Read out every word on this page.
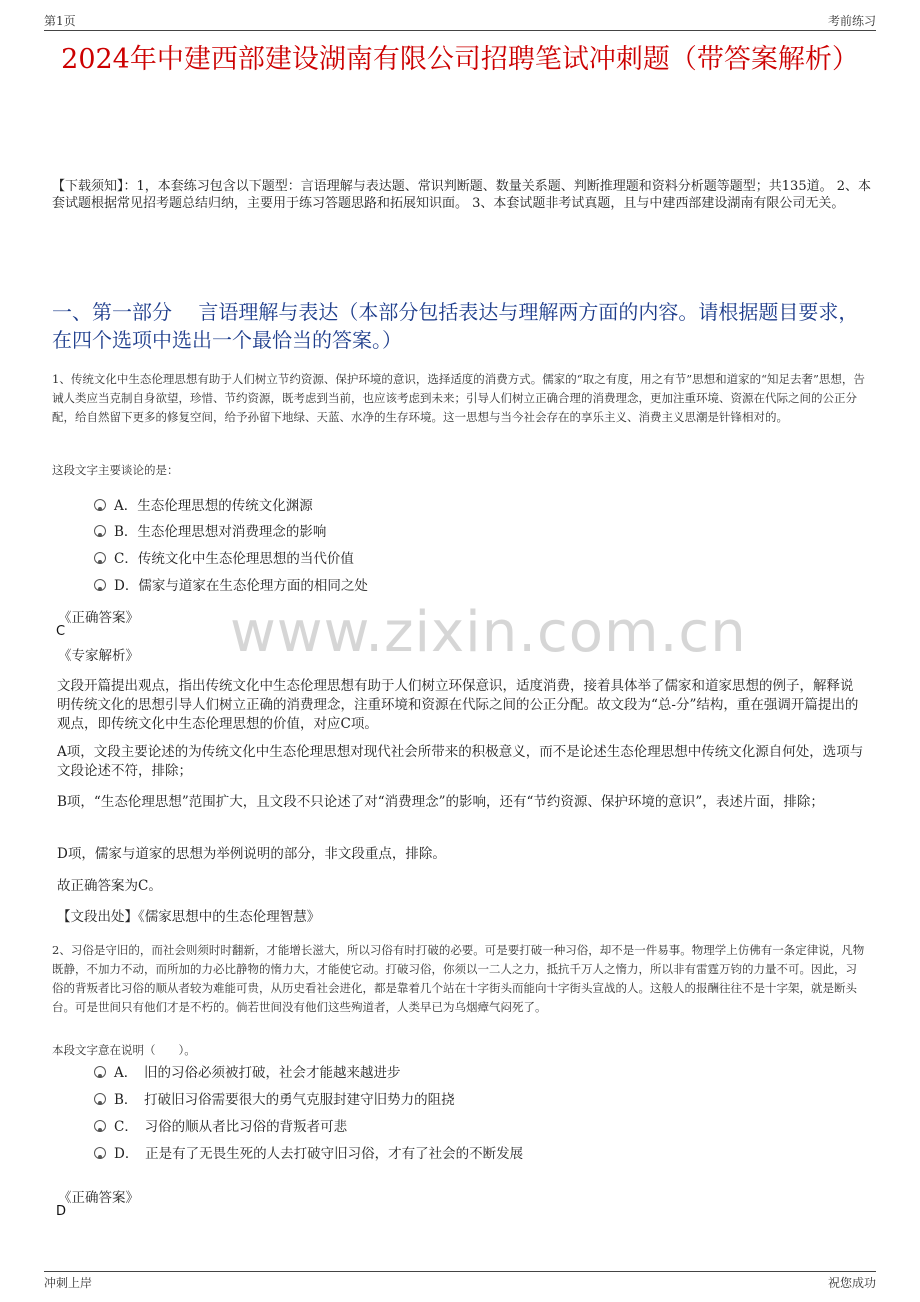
第1页	考前练习
2024年中建西部建设湖南有限公司招聘笔试冲刺题（带答案解析）
【下载须知】：1，本套练习包含以下题型：言语理解与表达题、常识判断题、数量关系题、判断推理题和资料分析题等题型；共135道。 2、本套试题根据常见招考题总结归纳，主要用于练习答题思路和拓展知识面。 3、本套试题非考试真题，且与中建西部建设湖南有限公司无关。
一、第一部分　 言语理解与表达（本部分包括表达与理解两方面的内容。请根据题目要求，在四个选项中选出一个最恰当的答案。）
1、传统文化中生态伦理思想有助于人们树立节约资源、保护环境的意识，选择适度的消费方式。儒家的“取之有度，用之有节”思想和道家的“知足去奢”思想，告诫人类应当克制自身欲望，珍惜、节约资源，既考虑到当前，也应该考虑到未来；引导人们树立正确合理的消费理念，更加注重环境、资源在代际之间的公正分配，给自然留下更多的修复空间，给予孙留下地绿、天蓝、水净的生存环境。这一思想与当今社会存在的享乐主义、消费主义思潮是针锋相对的。
这段文字主要谈论的是：
A．生态伦理思想的传统文化渊源
B．生态伦理思想对消费理念的影响
C．传统文化中生态伦理思想的当代价值
D．儒家与道家在生态伦理方面的相同之处
《正确答案》
C
《专家解析》
文段开篇提出观点，指出传统文化中生态伦理思想有助于人们树立环保意识，适度消费，接着具体举了儒家和道家思想的例子，解释说明传统文化的思想引导人们树立正确的消费理念，注重环境和资源在代际之间的公正分配。故文段为“总-分”结构，重在强调开篇提出的观点，即传统文化中生态伦理思想的价值，对应C项。
A项，文段主要论述的为传统文化中生态伦理思想对现代社会所带来的积极意义，而不是论述生态伦理思想中传统文化源自何处，选项与文段论述不符，排除；
B项，“生态伦理思想”范围扩大，且文段不只论述了对“消费理念”的影响，还有“节约资源、保护环境的意识”，表述片面，排除；
D项，儒家与道家的思想为举例说明的部分，非文段重点，排除。
故正确答案为C。
【文段出处】《儒家思想中的生态伦理智慧》
2、习俗是守旧的，而社会则须时时翻新，才能增长滋大，所以习俗有时打破的必要。可是要打破一种习俗，却不是一件易事。物理学上仿佛有一条定律说，凡物既静，不加力不动，而所加的力必比静物的惰力大，才能使它动。打破习俗，你须以一二人之力，抵抗千万人之惰力，所以非有雷霆万钧的力量不可。因此，习俗的背叛者比习俗的顺从者较为难能可贵，从历史看社会进化，都是靠着几个站在十字街头而能向十字街头宣战的人。这般人的报酬往往不是十字架，就是断头台。可是世间只有他们才是不朽的。倘若世间没有他们这些殉道者，人类早已为乌烟瘴气闷死了。
本段文字意在说明（　　）。
A．　旧的习俗必须被打破，社会才能越来越进步
B．　打破旧习俗需要很大的勇气克服封建守旧势力的阻挠
C．　习俗的顺从者比习俗的背叛者可悲
D．　正是有了无畏生死的人去打破守旧习俗，才有了社会的不断发展
《正确答案》
D
www.zixin.com.cn
冲刺上岸	祝您成功
